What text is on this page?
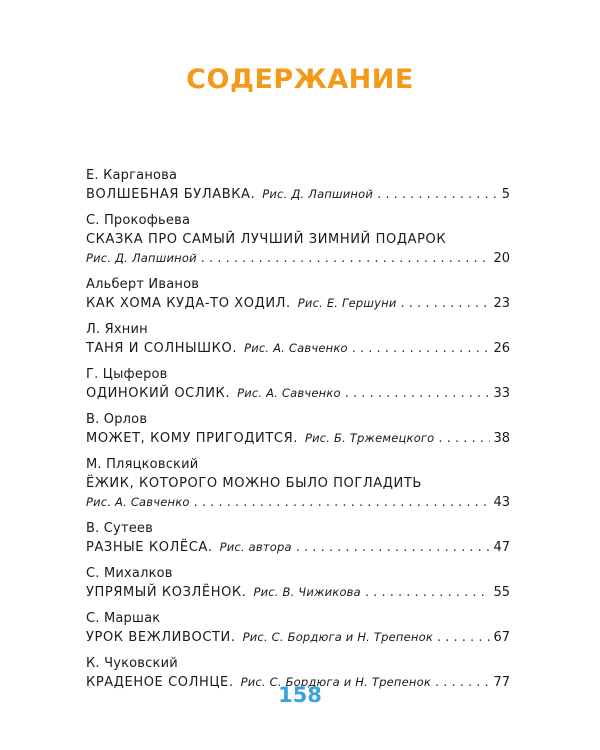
СОДЕРЖАНИЕ
Е. Карганова
ВОЛШЕБНАЯ БУЛАВКА. Рис. Д. Лапшиной . . .	5
С. Прокофьева
СКАЗКА ПРО САМЫЙ ЛУЧШИЙ ЗИМНИЙ ПОДАРОК
Рис. Д. Лапшиной . . .	20
Альберт Иванов
КАК ХОМА КУДА-ТО ХОДИЛ. Рис. Е. Гершуни . . .	23
Л. Яхнин
ТАНЯ И СОЛНЫШКО. Рис. А. Савченко . . .	26
Г. Цыферов
ОДИНОКИЙ ОСЛИК. Рис. А. Савченко . . .	33
В. Орлов
МОЖЕТ, КОМУ ПРИГОДИТСЯ. Рис. Б. Тржемецкого . . .	38
М. Пляцковский
ЁЖИК, КОТОРОГО МОЖНО БЫЛО ПОГЛАДИТЬ
Рис. А. Савченко . . .	43
В. Сутеев
РАЗНЫЕ КОЛЁСА. Рис. автора . . .	47
С. Михалков
УПРЯМЫЙ КОЗЛЁНОК. Рис. В. Чижикова . . .	55
С. Маршак
УРОК ВЕЖЛИВОСТИ. Рис. С. Бордюга и Н. Трепенок . . .	67
К. Чуковский
КРАДЕНОЕ СОЛНЦЕ. Рис. С. Бордюга и Н. Трепенок . . .	77
158
